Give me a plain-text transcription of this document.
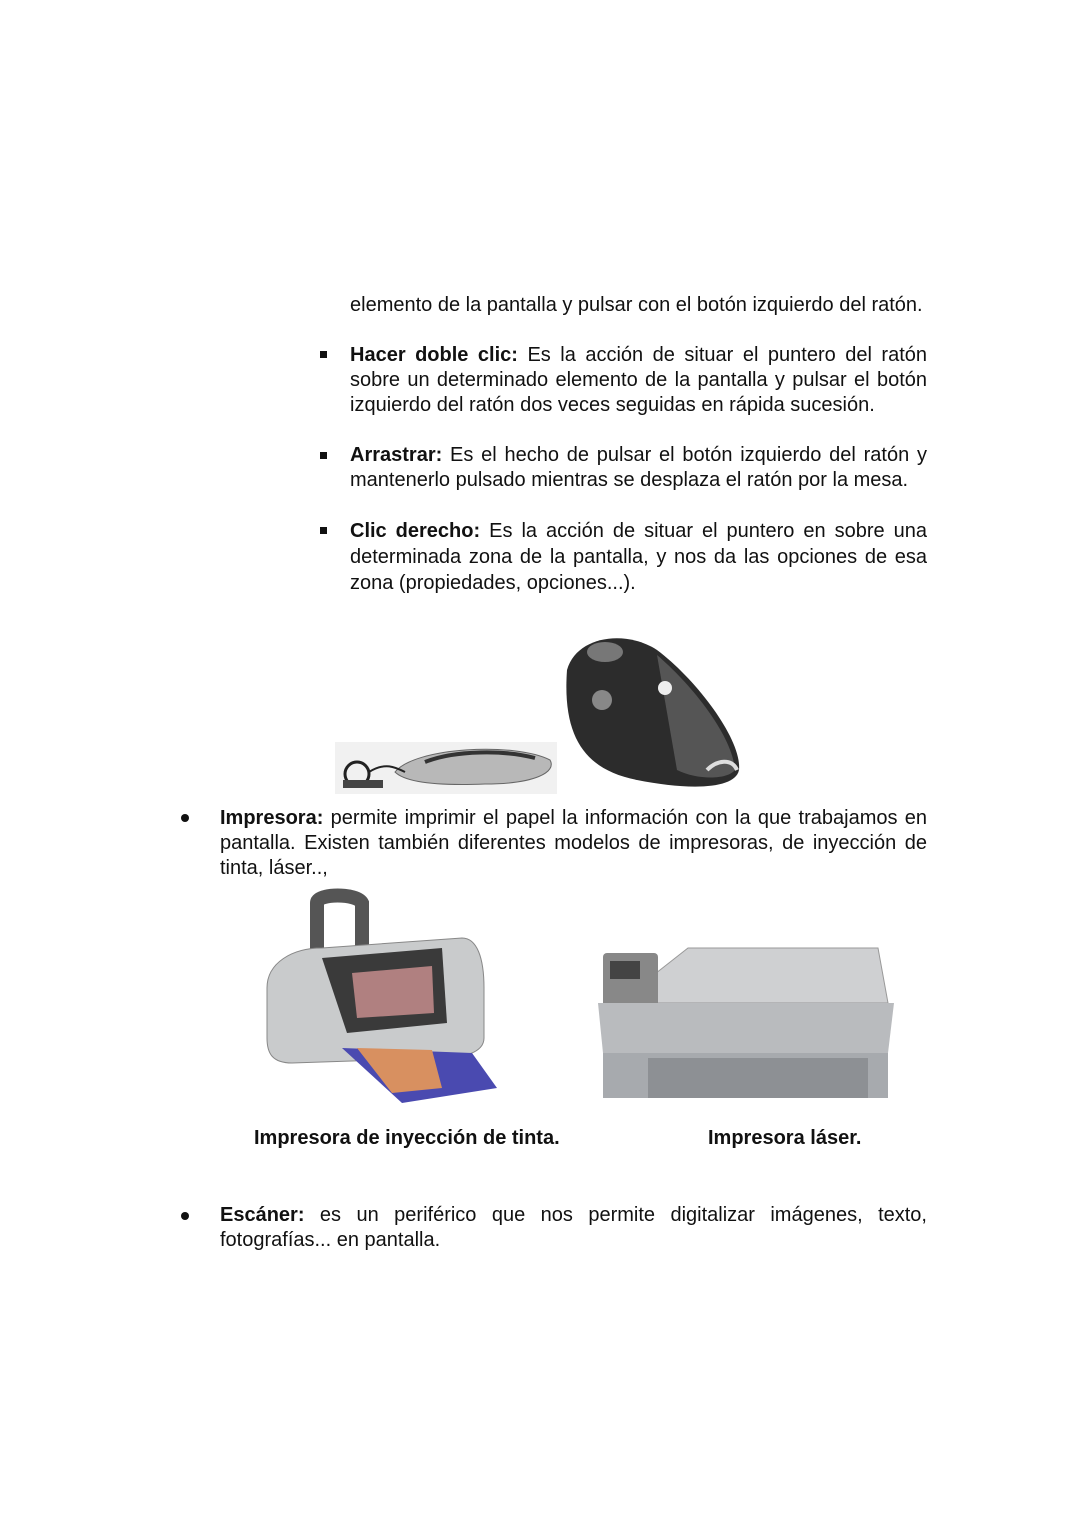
elemento de la pantalla y pulsar con el botón izquierdo del ratón.
Hacer doble clic: Es la acción de situar el puntero del ratón sobre un determinado elemento de la pantalla y pulsar el botón izquierdo del ratón dos veces seguidas en rápida sucesión.
Arrastrar: Es el hecho de pulsar el botón izquierdo del ratón y mantenerlo pulsado mientras se desplaza el ratón por la mesa.
Clic derecho: Es la acción de situar el puntero en sobre una determinada zona de la pantalla, y nos da las opciones de esa zona (propiedades, opciones...).
Impresora: permite imprimir el papel la información con la que trabajamos en pantalla. Existen también diferentes modelos de impresoras, de inyección de tinta, láser..,
Impresora de inyección de tinta.	Impresora láser.
Escáner: es un periférico que nos permite digitalizar imágenes, texto, fotografías... en pantalla.
